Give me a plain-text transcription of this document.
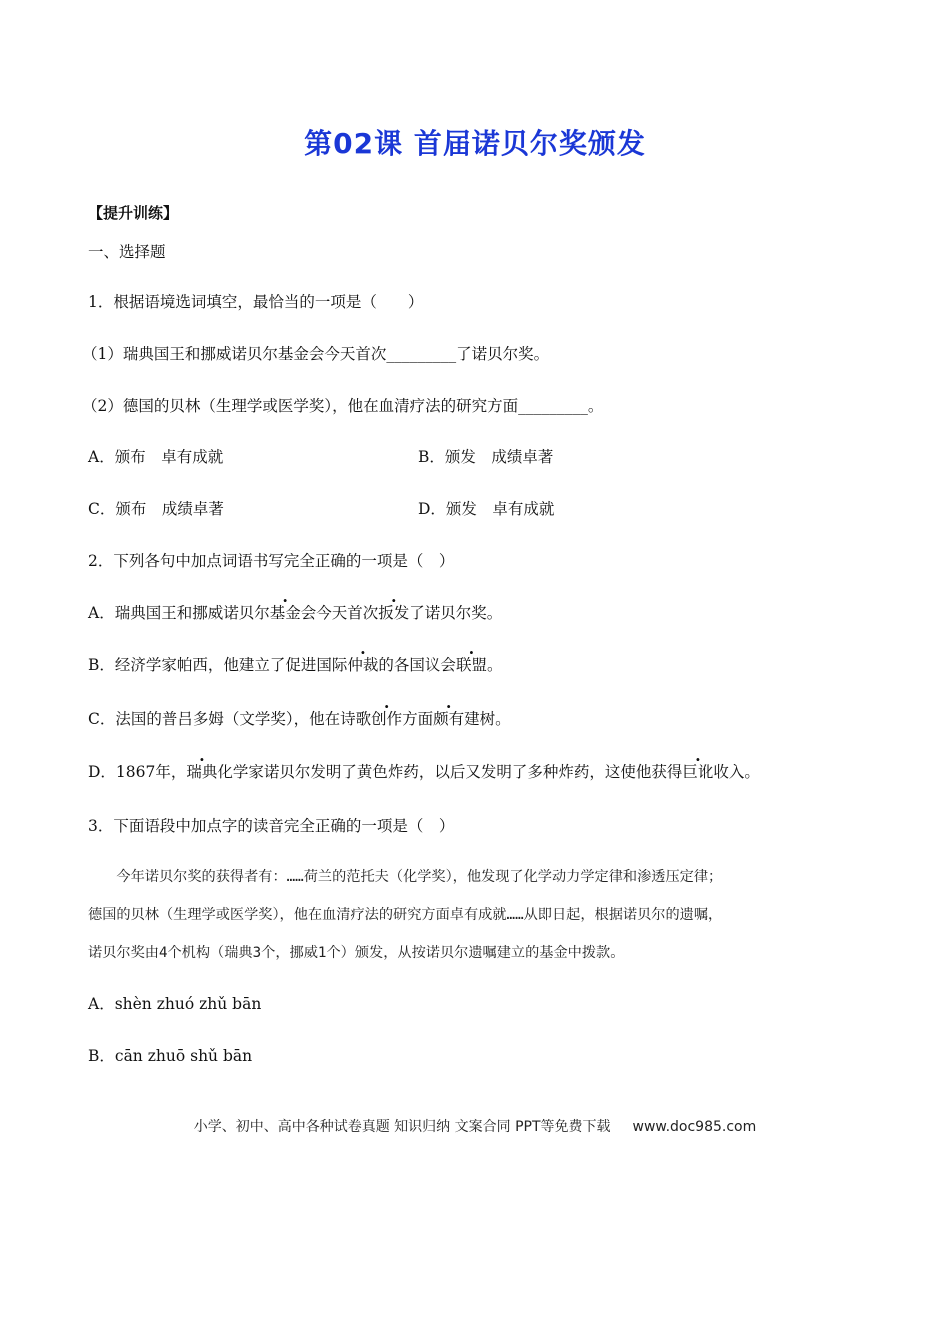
第02课 首届诺贝尔奖颁发
【提升训练】
一、选择题
1．根据语境选词填空，最恰当的一项是（　　）
（1）瑞典国王和挪威诺贝尔基金会今天首次_________了诺贝尔奖。
（2）德国的贝林（生理学或医学奖），他在血清疗法的研究方面_________。
A．颁布　卓有成就	B．颁发　成绩卓著
C．颁布　成绩卓著	D．颁发　卓有成就
2．下列各句中加点词语书写完全正确的一项是（　）
A．瑞典国王和挪威诺贝尔基金会今天首次扳发了诺贝尔奖。
B．经济学家帕西，他建立了促进国际仲裁的各国议会联盟。
C．法国的普吕多姆（文学奖），他在诗歌创作方面颇有建树。
D．1867年，瑞典化学家诺贝尔发明了黄色炸药，以后又发明了多种炸药，这使他获得巨讹收入。
3．下面语段中加点字的读音完全正确的一项是（　）
　　今年诺贝尔奖的获得者有：……荷兰的范托夫（化学奖），他发现了化学动力学定律和渗透压定律；
德国的贝林（生理学或医学奖），他在血清疗法的研究方面卓有成就……从即日起，根据诺贝尔的遗嘱，
诺贝尔奖由4个机构（瑞典3个，挪威1个）颁发，从按诺贝尔遗嘱建立的基金中拨款。
A．shèn zhuó zhǔ bān
B．cān zhuō shǔ bān
小学、初中、高中各种试卷真题 知识归纳 文案合同 PPT等免费下载 www.doc985.com
